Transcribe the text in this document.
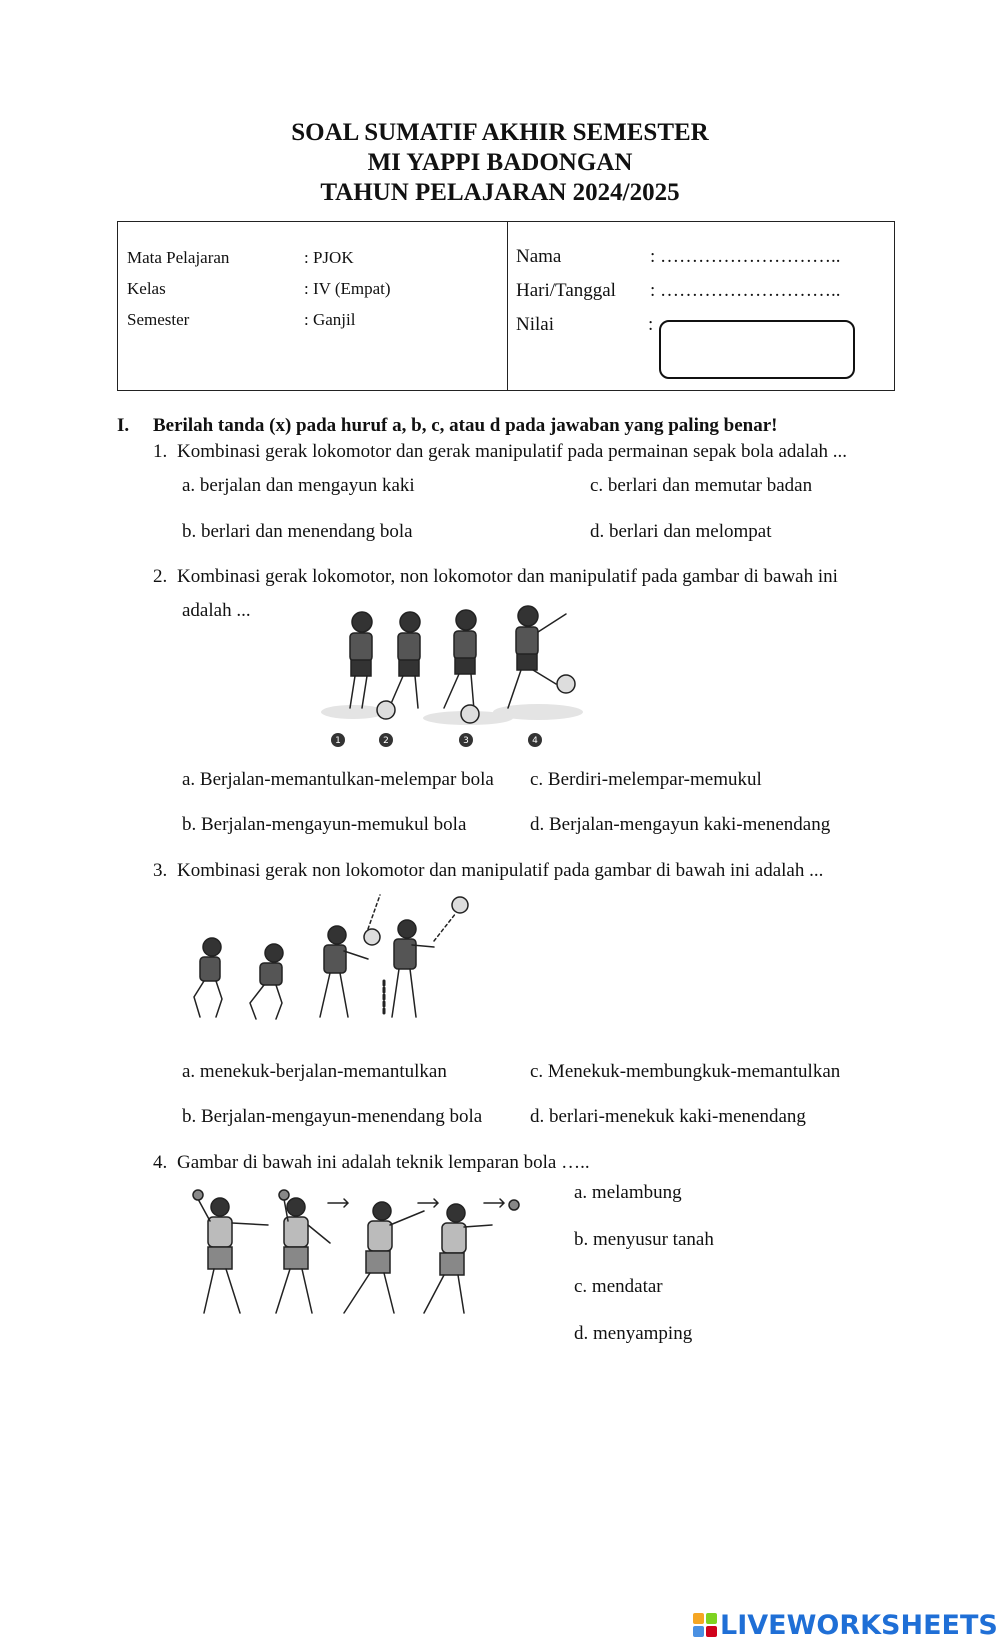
SOAL SUMATIF AKHIR SEMESTER
MI YAPPI BADONGAN
TAHUN PELAJARAN 2024/2025
Mata Pelajaran	: PJOK
Kelas	: IV (Empat)
Semester	: Ganjil
Nama	: ………………………..
Hari/Tanggal : ………………………..
Nilai	:
I. Berilah tanda (x) pada huruf a, b, c, atau d pada jawaban yang paling benar!
1. Kombinasi gerak lokomotor dan gerak manipulatif pada permainan sepak bola adalah ...
a. berjalan dan mengayun kaki
b. berlari dan menendang bola
c. berlari dan memutar badan
d. berlari dan melompat
2. Kombinasi gerak lokomotor, non lokomotor dan manipulatif pada gambar di bawah ini
adalah ...
1	2	3	4
a. Berjalan-memantulkan-melempar bola
b. Berjalan-mengayun-memukul bola
c. Berdiri-melempar-memukul
d. Berjalan-mengayun kaki-menendang
3. Kombinasi gerak non lokomotor dan manipulatif pada gambar di bawah ini adalah ...
a. menekuk-berjalan-memantulkan
b. Berjalan-mengayun-menendang bola
c. Menekuk-membungkuk-memantulkan
d. berlari-menekuk kaki-menendang
4. Gambar di bawah ini adalah teknik lemparan bola …..
a. melambung
b. menyusur tanah
c. mendatar
d. menyamping
LIVEWORKSHEETS
